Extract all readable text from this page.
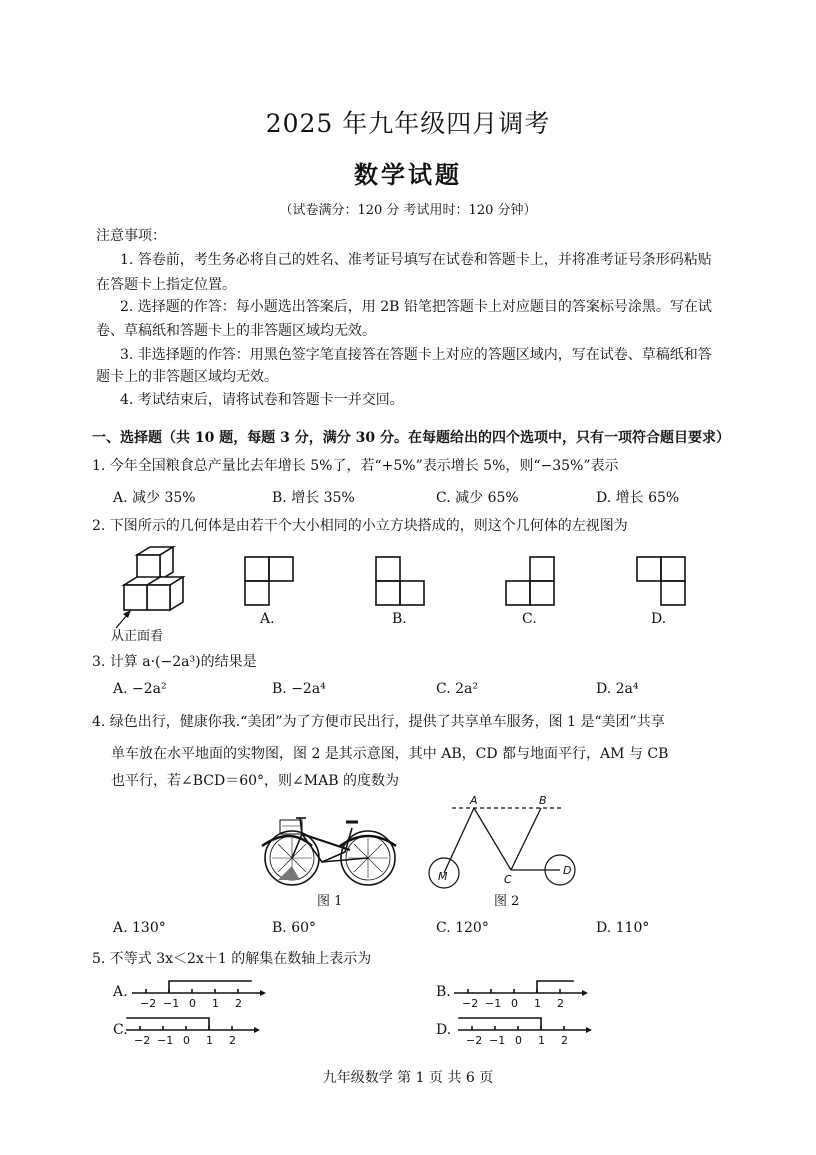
2025 年九年级四月调考
数学试题
（试卷满分：120 分 考试用时：120 分钟）
注意事项：
1. 答卷前，考生务必将自己的姓名、准考证号填写在试卷和答题卡上，并将准考证号条形码粘贴
在答题卡上指定位置。
2. 选择题的作答：每小题选出答案后，用 2B 铅笔把答题卡上对应题目的答案标号涂黑。写在试
卷、草稿纸和答题卡上的非答题区域均无效。
3. 非选择题的作答：用黑色签字笔直接答在答题卡上对应的答题区域内，写在试卷、草稿纸和答
题卡上的非答题区域均无效。
4. 考试结束后，请将试卷和答题卡一并交回。
一、选择题（共 10 题，每题 3 分，满分 30 分。在每题给出的四个选项中，只有一项符合题目要求）
1. 今年全国粮食总产量比去年增长 5%了，若“+5%”表示增长 5%，则“−35%”表示
A. 减少 35%	B. 增长 35%	C. 减少 65%	D. 增长 65%
2. 下图所示的几何体是由若干个大小相同的小立方块搭成的，则这个几何体的左视图为
从正面看
A.	B.	C.	D.
3. 计算 a·(−2a³)的结果是
A. −2a²	B. −2a⁴	C. 2a²	D. 2a⁴
4. 绿色出行，健康你我.“美团”为了方便市民出行，提供了共享单车服务，图 1 是“美团”共享
单车放在水平地面的实物图，图 2 是其示意图，其中 AB，CD 都与地面平行，AM 与 CB
也平行，若∠BCD＝60°，则∠MAB 的度数为
图 1
A	B
C
D
M
图 2
A. 130°	B. 60°	C. 120°	D. 110°
5. 不等式 3x＜2x＋1 的解集在数轴上表示为
A.	B.
C.	D.
−2 −1 0 1 2	−2 −1 0 1 2
−2 −1 0 1 2	−2 −1 0 1 2
九年级数学 第 1 页 共 6 页
